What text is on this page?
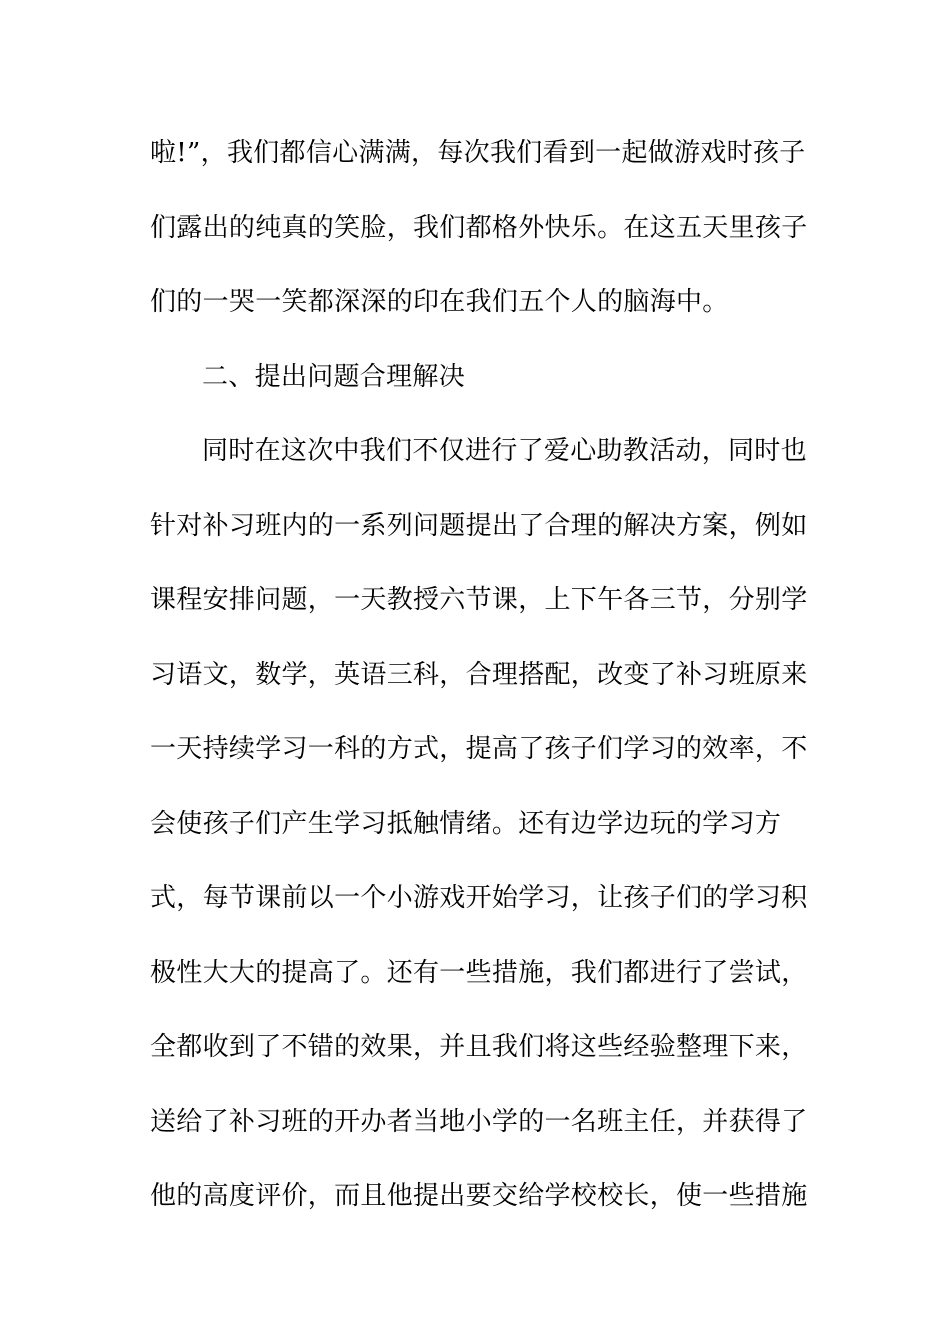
啦!”，我们都信心满满，每次我们看到一起做游戏时孩子
们露出的纯真的笑脸，我们都格外快乐。在这五天里孩子
们的一哭一笑都深深的印在我们五个人的脑海中。
二、提出问题合理解决
同时在这次中我们不仅进行了爱心助教活动，同时也
针对补习班内的一系列问题提出了合理的解决方案，例如
课程安排问题，一天教授六节课，上下午各三节，分别学
习语文，数学，英语三科，合理搭配，改变了补习班原来
一天持续学习一科的方式，提高了孩子们学习的效率，不
会使孩子们产生学习抵触情绪。还有边学边玩的学习方
式，每节课前以一个小游戏开始学习，让孩子们的学习积
极性大大的提高了。还有一些措施，我们都进行了尝试，
全都收到了不错的效果，并且我们将这些经验整理下来，
送给了补习班的开办者当地小学的一名班主任，并获得了
他的高度评价，而且他提出要交给学校校长，使一些措施
